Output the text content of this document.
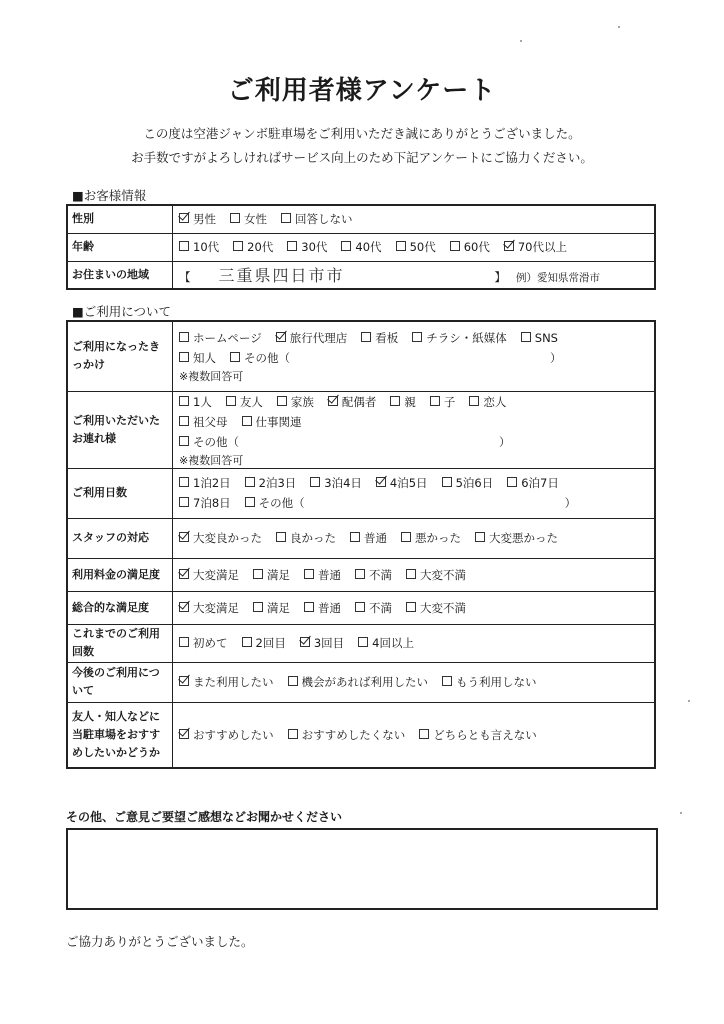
ご利用者様アンケート
この度は空港ジャンボ駐車場をご利用いただき誠にありがとうございました。
お手数ですがよろしければサービス向上のため下記アンケートにご協力ください。
■お客様情報
性別	男性 女性 回答しない
年齢	10代 20代 30代 40代 50代 60代 70代以上
お住まいの地域	【 三重県四日市市 】 例）愛知県常滑市
■ご利用について
ご利用になったきっかけ	ホームページ 旅行代理店 看板 チラシ・紙媒体 SNS
知人 その他（ ）
※複数回答可

ご利用いただいたお連れ様	1人 友人 家族 配偶者 親 子 恋人
祖父母 仕事関連その他（ ）
※複数回答可

ご利用日数	1泊2日 2泊3日 3泊4日 4泊5日 5泊6日 6泊7日
7泊8日 その他（ ）

スタッフの対応	大変良かった 良かった 普通 悪かった 大変悪かった

利用料金の満足度	大変満足 満足 普通 不満 大変不満

総合的な満足度	大変満足 満足 普通 不満 大変不満

これまでのご利用回数	初めて 2回目 3回目 4回以上

今後のご利用について	また利用したい 機会があれば利用したい もう利用しない

友人・知人などに当駐車場をおすすめしたいかどうか	おすすめしたい おすすめしたくない どちらとも言えない
その他、ご意見ご要望ご感想などお聞かせください
ご協力ありがとうございました。
